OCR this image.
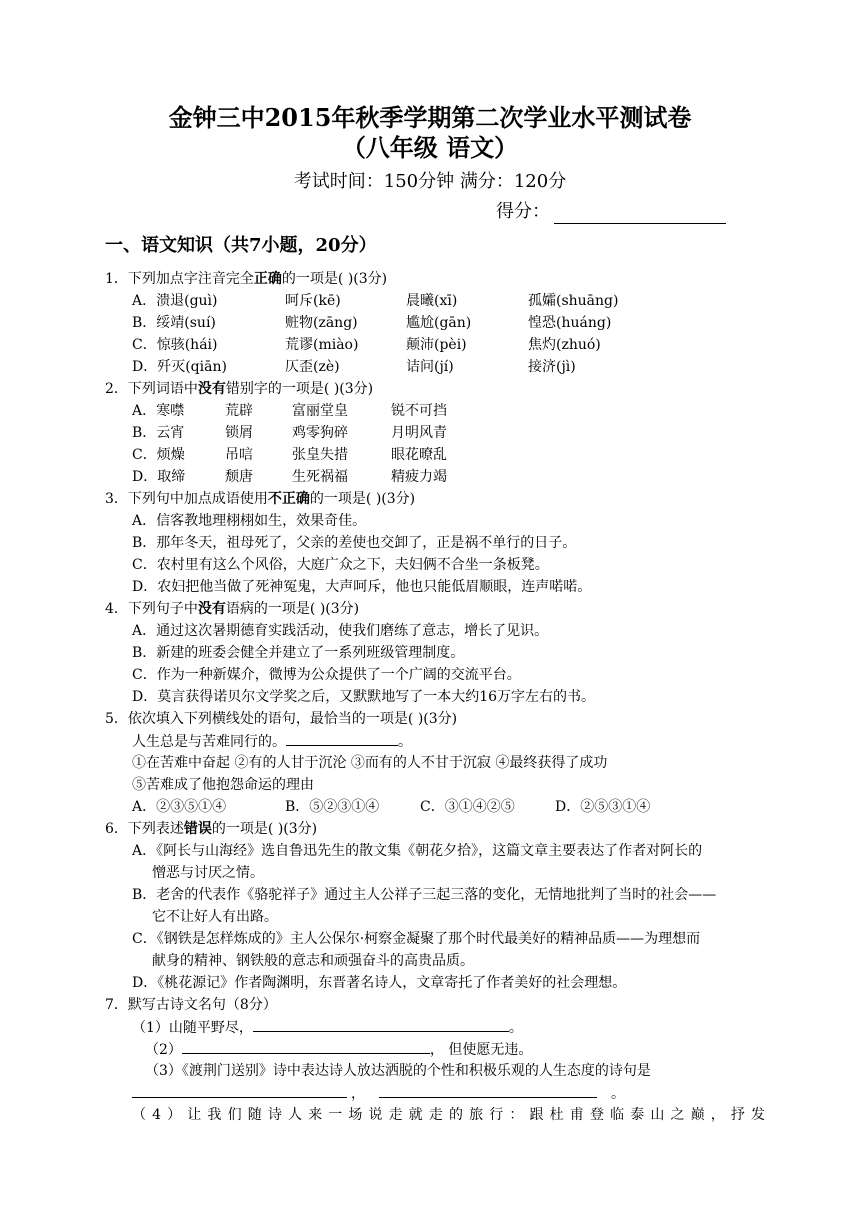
金钟三中2015年秋季学期第二次学业水平测试卷
（八年级 语文）
考试时间：150分钟 满分：120分
得分：
一、语文知识（共7小题，20分）
1．下列加点字注音完全正确的一项是( )(3分)
A．溃退(guì)	呵斥(kē)	晨曦(xī)	孤孀(shuāng)
B．绥靖(suí)	赃物(zāng)	尴尬(gān)	惶恐(huáng)
C．惊骇(hái)	荒谬(miào)	颠沛(pèi)	焦灼(zhuó)
D．歼灭(qiān)	仄歪(zè)	诘问(jí)	接济(jì)
2．下列词语中没有错别字的一项是( )(3分)
A．寒噤	荒辟	富丽堂皇	锐不可挡
B．云宵	锁屑	鸡零狗碎	月明风青
C．烦燥	吊唁	张皇失措	眼花暸乱
D．取缔	颓唐	生死祸福	精疲力竭
3．下列句中加点成语使用不正确的一项是( )(3分)
A．信客教地理栩栩如生，效果奇佳。
B．那年冬天，祖母死了，父亲的差使也交卸了，正是祸不单行的日子。
C．农村里有这么个风俗，大庭广众之下，夫妇俩不合坐一条板凳。
D．农妇把他当做了死神冤鬼，大声呵斥，他也只能低眉顺眼，连声喏喏。
4．下列句子中没有语病的一项是( )(3分)
A．通过这次暑期德育实践活动，使我们磨练了意志，增长了见识。
B．新建的班委会健全并建立了一系列班级管理制度。
C．作为一种新媒介，微博为公众提供了一个广阔的交流平台。
D．莫言获得诺贝尔文学奖之后，又默默地写了一本大约16万字左右的书。
5．依次填入下列横线处的语句，最恰当的一项是( )(3分)
人生总是与苦难同行的。	。
①在苦难中奋起 ②有的人甘于沉沦 ③而有的人不甘于沉寂 ④最终获得了成功
⑤苦难成了他抱怨命运的理由
A．②③⑤①④	B．⑤②③①④	C．③①④②⑤	D．②⑤③①④
6．下列表述错误的一项是( )(3分)
A．《阿长与山海经》选自鲁迅先生的散文集《朝花夕拾》，这篇文章主要表达了作者对阿长的
憎恶与讨厌之情。
B．老舍的代表作《骆驼祥子》通过主人公祥子三起三落的变化，无情地批判了当时的社会——
它不让好人有出路。
C．《钢铁是怎样炼成的》主人公保尔·柯察金凝聚了那个时代最美好的精神品质——为理想而
献身的精神、钢铁般的意志和顽强奋斗的高贵品质。
D．《桃花源记》作者陶渊明，东晋著名诗人，文章寄托了作者美好的社会理想。
7．默写古诗文名句（8分）
（1）山随平野尽，	。
（2）	， 但使愿无违。
（3）《渡荆门送别》诗中表达诗人放达洒脱的个性和积极乐观的人生态度的诗句是
，	。
（4）让我们随诗人来一场说走就走的旅行：跟杜甫登临泰山之巅，抒发
